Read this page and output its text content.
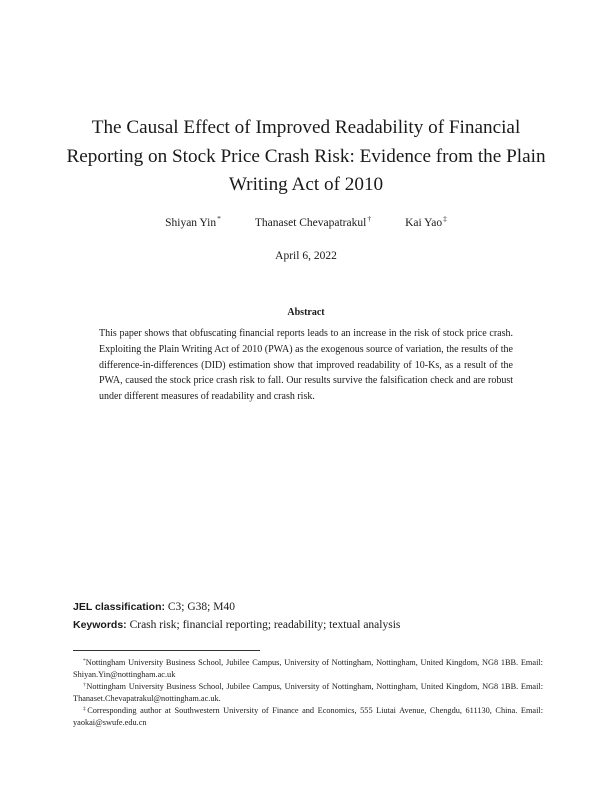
The Causal Effect of Improved Readability of Financial Reporting on Stock Price Crash Risk: Evidence from the Plain Writing Act of 2010
Shiyan Yin*	Thanaset Chevapatrakul†	Kai Yao‡
April 6, 2022
Abstract

This paper shows that obfuscating financial reports leads to an increase in the risk of stock price crash. Exploiting the Plain Writing Act of 2010 (PWA) as the exogenous source of variation, the results of the difference-in-differences (DID) estimation show that improved readability of 10-Ks, as a result of the PWA, caused the stock price crash risk to fall. Our results survive the falsification check and are robust under different measures of readability and crash risk.

JEL classification: C3; G38; M40
Keywords: Crash risk; financial reporting; readability; textual analysis

*Nottingham University Business School, Jubilee Campus, University of Nottingham, Nottingham, United Kingdom, NG8 1BB. Email: Shiyan.Yin@nottingham.ac.uk

†Nottingham University Business School, Jubilee Campus, University of Nottingham, Nottingham, United Kingdom, NG8 1BB. Email: Thanaset.Chevapatrakul@nottingham.ac.uk.

‡Corresponding author at Southwestern University of Finance and Economics, 555 Liutai Avenue, Chengdu, 611130, China. Email: yaokai@swufe.edu.cn
